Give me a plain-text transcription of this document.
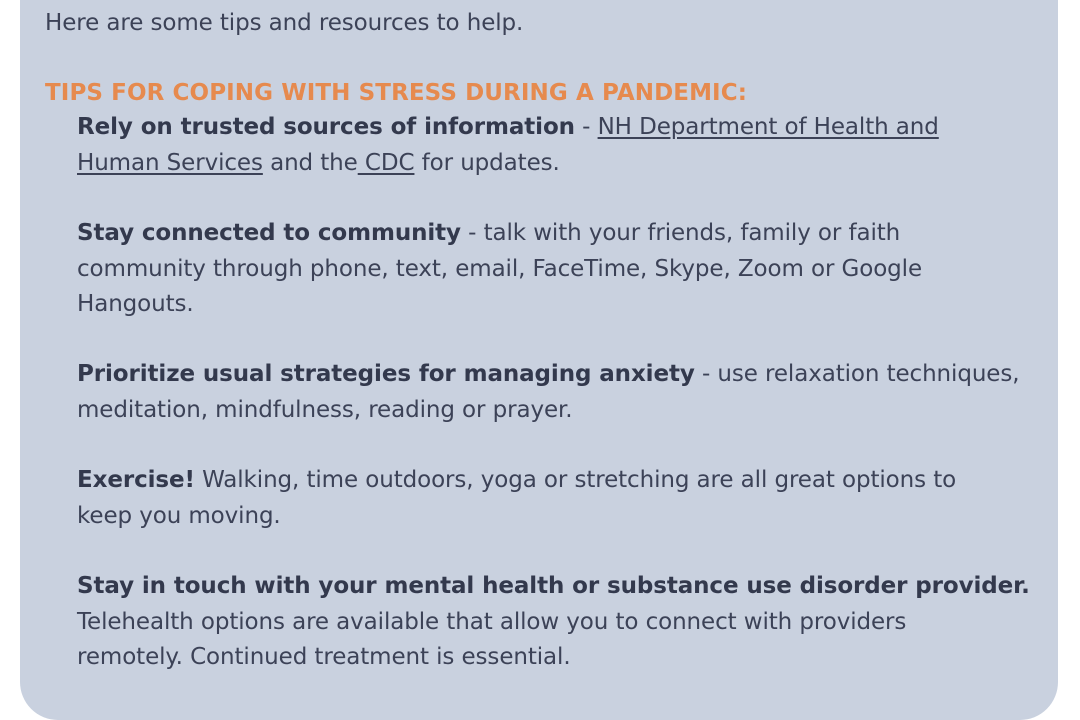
Here are some tips and resources to help.
TIPS FOR COPING WITH STRESS DURING A PANDEMIC:
Rely on trusted sources of information - NH Department of Health and
Human Services and the CDC for updates.
Stay connected to community - talk with your friends, family or faith
community through phone, text, email, FaceTime, Skype, Zoom or Google
Hangouts.
Prioritize usual strategies for managing anxiety - use relaxation techniques,
meditation, mindfulness, reading or prayer.
Exercise! Walking, time outdoors, yoga or stretching are all great options to
keep you moving.
Stay in touch with your mental health or substance use disorder provider.
Telehealth options are available that allow you to connect with providers
remotely. Continued treatment is essential.
